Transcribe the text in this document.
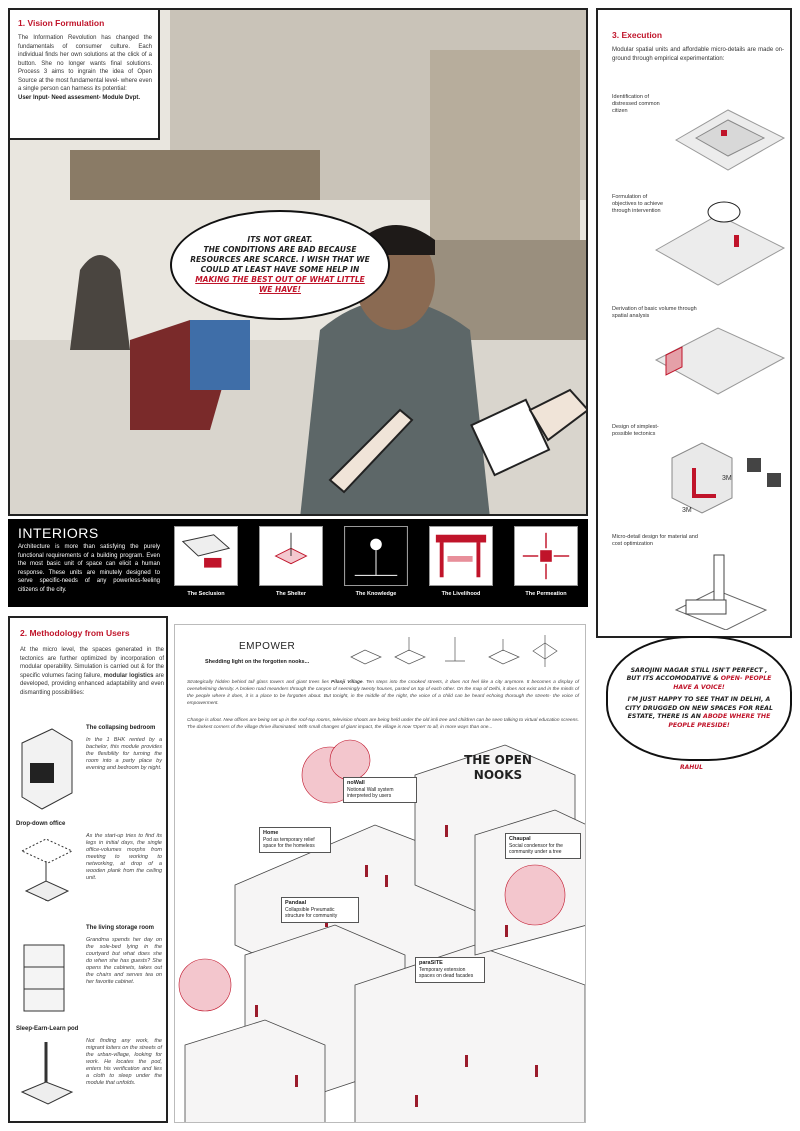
1. Vision Formulation
The Information Revolution has changed the fundamentals of consumer culture. Each individual finds her own solutions at the click of a button. She no longer wants final solutions. Process 3 aims to ingrain the idea of Open Source at the most fundamental level- where even a single person can harness its potential:
User Input- Need assesment- Module Dvpt.
ITS NOT GREAT.
THE CONDITIONS ARE BAD BECAUSE RESOURCES ARE SCARCE. I WISH THAT WE COULD AT LEAST HAVE SOME HELP IN
MAKING THE BEST OUT OF WHAT LITTLE WE HAVE!
3. Execution
Modular spatial units and affordable micro-details are made on-ground through empirical experimentation:
Identification of distressed common citizen
Formulation of objectives to achieve through intervention
Derivation of basic volume through spatial analysis
Design of simplest-possible tectonics
3M
3M
Micro-detail design for material and cost optimization
INTERIORS
Architecture is more than satisfying the purely functional requirements of a building program. Even the most basic unit of space can elicit a human response. These units are minutely designed to serve specific-needs of any powerless-feeling citizens of the city.
The Seclusion	The Shelter	The Knowledge	The Livelihood	The Permeation
2. Methodology from Users
At the micro level, the spaces generated in the tectonics are further optimized by incorporation of modular operability. Simulation is carried out & for the specific volumes facing failure, modular logistics are developed, providing enhanced adaptability and even dismantling possibilities:
The collapsing bedroom
In the 1 BHK rented by a bachelor, this module provides the flexibility for turning the room into a party place by evening and bedroom by night.
Drop-down office
As the start-up tries to find its legs in initial days, the single office-volumes morphs from meeting to working to networking, at drop of a wooden plank from the ceiling unit.
The living storage room
Grandma spends her day on the sole-bed lying in the courtyard but what does she do when she has guests? She opens the cabinets, takes out the chairs and serves tea on her favorite cabinet.
Sleep-Earn-Learn pod
Not finding any work, the migrant loiters on the streets of the urban-village, looking for work. He locates the pod, enters his verification and lies a cloth to sleep under the module that unfolds.
EMPOWER
Shedding light on the forgotten nooks...
Strategically hidden behind tall glass towers and giant trees lies Pilanji Village. Ten steps into the crooked streets, it does not feel like a city anymore. It becomes a display of overwhelming density. A broken road meanders through the canyon of seemingly twenty houses, pasted on top of each other. On the map of Delhi, it does not exist and in the minds of the people where it does, it is a place to be forgotten about. But tonight, in the middle of the night, the voice of a child can be heard echoing thorough the streets- the voice of empowerment.
Change is afoot. New offices are being set up in the roof-top rooms, television shoots are being held under the old imli tree and children can be seen talking to virtual education screens. The darkest corners of the village thrive illuminated. With small changes of giant impact, the village is now 'Open' to all, in more ways than one...
THE OPEN NOOKS
noWall
Notional Wall system interpreted by users
Home
Pod as temporary relief space for the homeless
Chaupal
Social condensor for the community under a tree
Pandaal
Collapsible Pneumatic structure for community
paraSITE
Temporary extension spaces on dead facades
SAROJINI NAGAR STILL ISN'T PERFECT , BUT ITS ACCOMODATIVE & OPEN- PEOPLE HAVE A VOICE!
I'M JUST HAPPY TO SEE THAT IN DELHI, A CITY DRUGGED ON NEW SPACES FOR REAL ESTATE, THERE IS AN ABODE WHERE THE PEOPLE PRESIDE!
RAHUL
